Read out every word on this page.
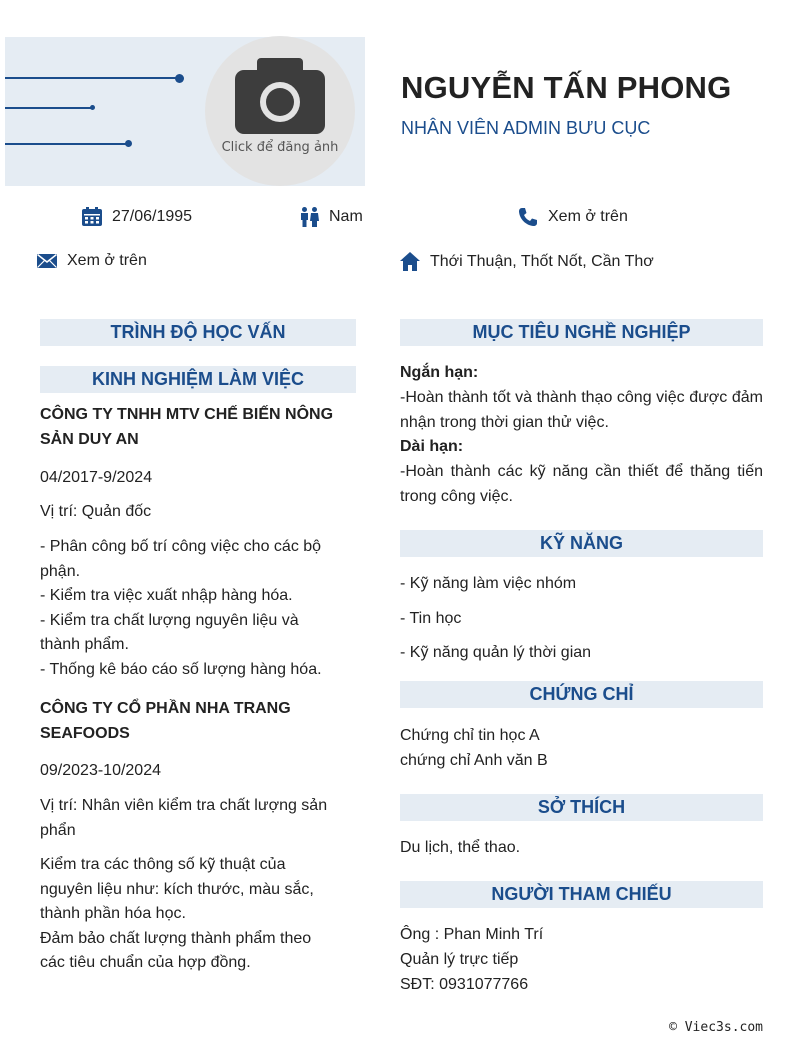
Click để đăng ảnh
NGUYỄN TẤN PHONG
NHÂN VIÊN ADMIN BƯU CỤC
27/06/1995	Nam	Xem ở trên
Xem ở trên	Thới Thuận, Thốt Nốt, Cần Thơ
TRÌNH ĐỘ HỌC VẤN
KINH NGHIỆM LÀM VIỆC
CÔNG TY TNHH MTV CHẾ BIẾN NÔNG
SẢN DUY AN
04/2017-9/2024
Vị trí: Quản đốc
- Phân công bố trí công việc cho các bộ
phận.
- Kiểm tra việc xuất nhập hàng hóa.
- Kiểm tra chất lượng nguyên liệu và
thành phẩm.
- Thống kê báo cáo số lượng hàng hóa.
CÔNG TY CỔ PHẦN NHA TRANG
SEAFOODS
09/2023-10/2024
Vị trí: Nhân viên kiểm tra chất lượng sản
phẩn
Kiểm tra các thông số kỹ thuật của
nguyên liệu như: kích thước, màu sắc,
thành phần hóa học.
Đảm bảo chất lượng thành phẩm theo
các tiêu chuẩn của hợp đồng.
MỤC TIÊU NGHỀ NGHIỆP
Ngắn hạn:
-Hoàn thành tốt và thành thạo công việc được đảm nhận trong thời gian thử việc.
Dài hạn:
-Hoàn thành các kỹ năng cần thiết để thăng tiến trong công việc.
KỸ NĂNG
- Kỹ năng làm việc nhóm
- Tin học
- Kỹ năng quản lý thời gian
CHỨNG CHỈ
Chứng chỉ tin học A
chứng chỉ Anh văn B
SỞ THÍCH
Du lịch, thể thao.
NGƯỜI THAM CHIẾU
Ông : Phan Minh Trí
Quản lý trực tiếp
SĐT: 0931077766
© Viec3s.com
